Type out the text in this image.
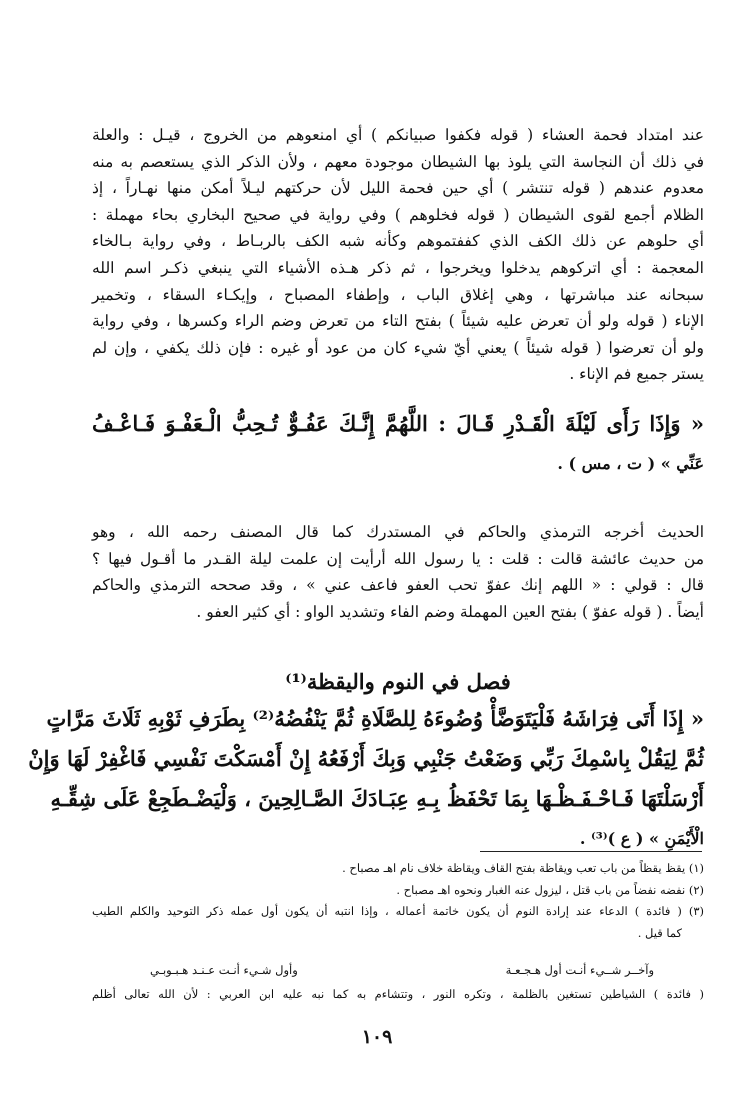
عند امتداد فحمة العشاء ( قوله فكفوا صبيانكم ) أي امنعوهم من الخروج ، قيـل : والعلة
في ذلك أن النجاسة التي يلوذ بها الشيطان موجودة معهم ، ولأن الذكر الذي يستعصم به منه
معدوم عندهم ( قوله تنتشر ) أي حين فحمة الليل لأن حركتهم ليـلاً أمكن منها نهـاراً ، إذ
الظلام أجمع لقوى الشيطان ( قوله فخلوهم ) وفي رواية في صحيح البخاري بحاء مهملة :
أي حلوهم عن ذلك الكف الذي كففتموهم وكأنه شبه الكف بالربـاط ، وفي رواية بـالخاء
المعجمة : أي اتركوهم يدخلوا ويخرجوا ، ثم ذكر هـذه الأشياء التي ينبغي ذكـر اسم الله
سبحانه عند مباشرتها ، وهي إغلاق الباب ، وإطفاء المصباح ، وإيكـاء السقاء ، وتخمير
الإناء ( قوله ولو أن تعرض عليه شيئاً ) بفتح التاء من تعرض وضم الراء وكسرها ، وفي رواية
ولو أن تعرضوا ( قوله شيئاً ) يعني أيّ شيء كان من عود أو غيره : فإن ذلك يكفي ، وإن لم
يستر جميع فم الإناء .
« وَإِذَا رَأَى لَيْلَةَ الْقَـدْرِ قَـالَ : اللَّهُمَّ إِنَّـكَ عَفُـوٌّ تُـحِبُّ الْـعَفْـوَ فَـاعْـفُ
عَنِّي » ( ت ، مس ) .
الحديث أخرجه الترمذي والحاكم في المستدرك كما قال المصنف رحمه الله ، وهو
من حديث عائشة قالت : قلت : يا رسول الله أرأيت إن علمت ليلة القـدر ما أقـول فيها ؟
قال : قولي : « اللهم إنك عفوّ تحب العفو فاعف عني » ، وقد صححه الترمذي والحاكم
أيضاً . ( قوله عفوّ ) بفتح العين المهملة وضم الفاء وتشديد الواو : أي كثير العفو .
فصل في النوم واليقظة⁽¹⁾
« إِذَا أَتَى فِرَاشَهُ فَلْيَتَوَضَّأْ وُضُوءَهُ لِلصَّلَاةِ ثُمَّ يَنْفُضُهُ⁽²⁾ بِطَرَفِ ثَوْبِهِ ثَلَاثَ مَرَّاتٍ
ثُمَّ لِيَقُلْ بِاسْمِكَ رَبِّي وَضَعْتُ جَنْبِي وَبِكَ أَرْفَعُهُ إِنْ أَمْسَكْتَ نَفْسِي فَاغْفِرْ لَهَا وَإِنْ
أَرْسَلْتَهَا فَـاحْـفَـظْـهَا بِمَا تَحْفَظُ بِـهِ عِبَـادَكَ الصَّـالِحِينَ ، وَلْيَضْـطَجِعْ عَلَى شِقِّـهِ
الْأَيْمَنِ » ( ع )⁽³⁾ .
(١) يقظ يقظاً من باب تعب ويقاظة بفتح القاف ويقاظة خلاف نام اهـ مصباح .
(٢) نفضه نفضاً من باب قتل ، ليزول عنه الغبار ونحوه اهـ مصباح .
(٣) ( فائدة ) الدعاء عند إرادة النوم أن يكون خاتمة أعماله ، وإذا انتبه أن يكون أول عمله ذكر التوحيد والكلم الطيب
كما قيل .
وآخــر شــيء أنـت أول هـجـعـة
وأول شـيء أنـت عـنـد هـبـوبـي
( فائدة ) الشياطين تستغين بالظلمة ، وتكره النور ، وتتشاءم به كما نبه عليه ابن العربي : لأن الله تعالى أظلم
١٠٩
